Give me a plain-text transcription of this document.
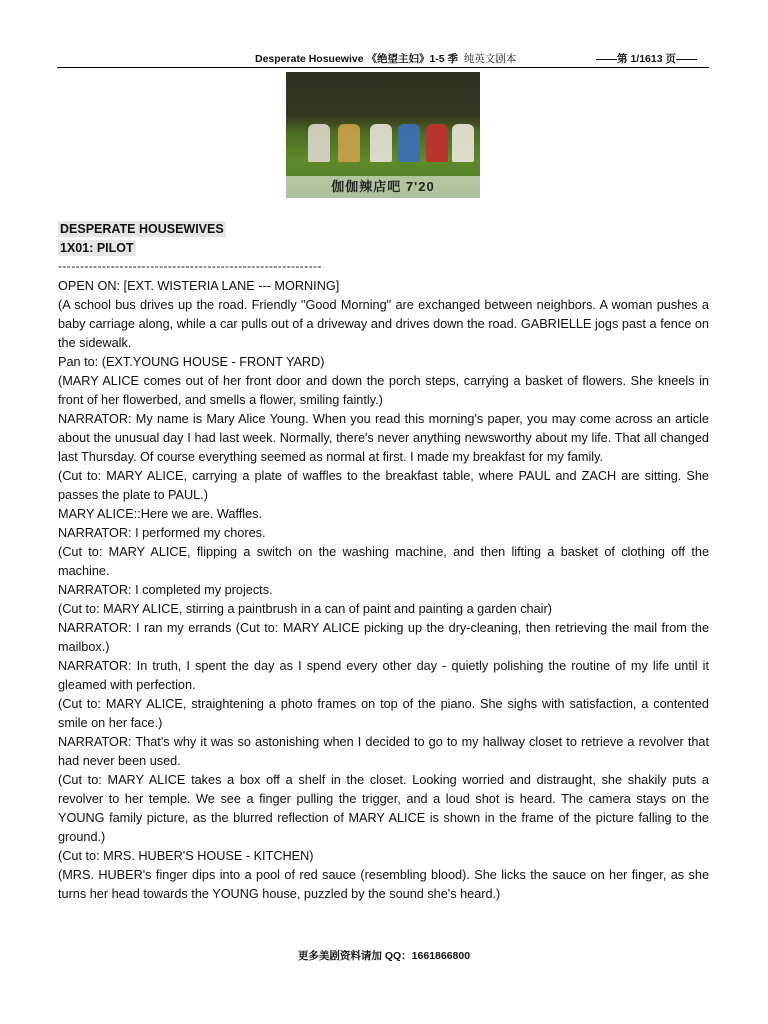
Desperate Hosuewive 《绝望主妇》1-5 季 纯英文剧本	——第 1/1613 页——
伽伽辣店吧 7'20
DESPERATE HOUSEWIVES
1X01: PILOT
------------------------------------------------------------

OPEN ON: [EXT. WISTERIA LANE --- MORNING]

(A school bus drives up the road. Friendly "Good Morning" are exchanged between neighbors. A woman pushes a baby carriage along, while a car pulls out of a driveway and drives down the road. GABRIELLE jogs past a fence on the sidewalk.

Pan to: (EXT.YOUNG HOUSE - FRONT YARD)

(MARY ALICE comes out of her front door and down the porch steps, carrying a basket of flowers. She kneels in front of her flowerbed, and smells a flower, smiling faintly.)

NARRATOR: My name is Mary Alice Young. When you read this morning's paper, you may come across an article about the unusual day I had last week. Normally, there's never anything newsworthy about my life. That all changed last Thursday. Of course everything seemed as normal at first. I made my breakfast for my family.

(Cut to: MARY ALICE, carrying a plate of waffles to the breakfast table, where PAUL and ZACH are sitting. She passes the plate to PAUL.)

MARY ALICE::Here we are. Waffles.

NARRATOR: I performed my chores.

(Cut to: MARY ALICE, flipping a switch on the washing machine, and then lifting a basket of clothing off the machine.

NARRATOR: I completed my projects.

(Cut to: MARY ALICE, stirring a paintbrush in a can of paint and painting a garden chair)

NARRATOR: I ran my errands (Cut to: MARY ALICE picking up the dry-cleaning, then retrieving the mail from the mailbox.)

NARRATOR: In truth, I spent the day as I spend every other day - quietly polishing the routine of my life until it gleamed with perfection.

(Cut to: MARY ALICE, straightening a photo frames on top of the piano. She sighs with satisfaction, a contented smile on her face.)

NARRATOR: That's why it was so astonishing when I decided to go to my hallway closet to retrieve a revolver that had never been used.

(Cut to: MARY ALICE takes a box off a shelf in the closet. Looking worried and distraught, she shakily puts a revolver to her temple. We see a finger pulling the trigger, and a loud shot is heard. The camera stays on the YOUNG family picture, as the blurred reflection of MARY ALICE is shown in the frame of the picture falling to the ground.)

(Cut to: MRS. HUBER'S HOUSE - KITCHEN)

(MRS. HUBER's finger dips into a pool of red sauce (resembling blood). She licks the sauce on her finger, as she turns her head towards the YOUNG house, puzzled by the sound she's heard.)

更多美剧资料请加 QQ：1661866800
